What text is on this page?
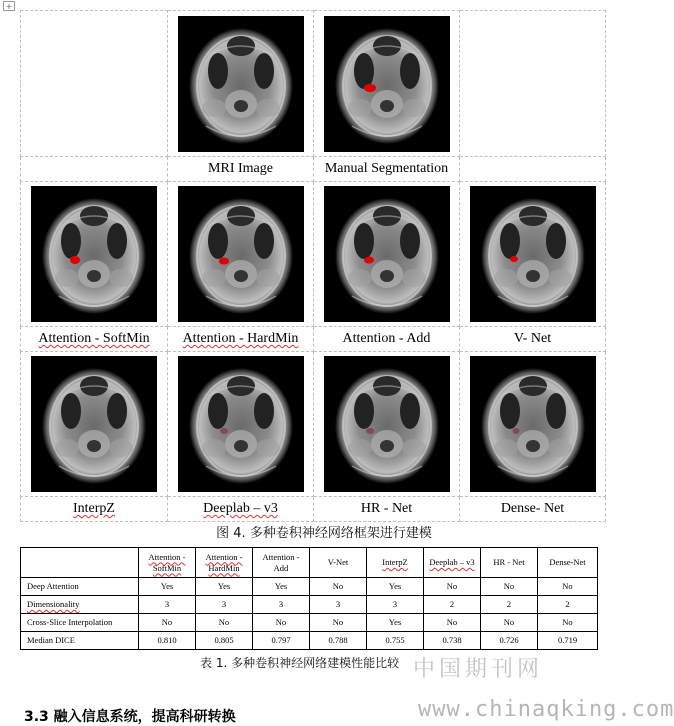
+

	MRI Image	Manual Segmentation	

Attention - SoftMin	Attention - HardMin	Attention - Add	V- Net

InterpZ	Deeplab – v3	HR - Net	Dense- Net
图 4. 多种卷积神经网络框架进行建模
	Attention - SoftMin	Attention - HardMin	Attention - Add	V-Net	InterpZ	Deeplab – v3	HR - Net	Dense-Net
Deep Attention	Yes	Yes	Yes	No	Yes	No	No	No
Dimensionality	3	3	3	3	3	2	2	2
Cross-Slice Interpolation	No	No	No	No	Yes	No	No	No
Median DICE	0.810	0.805	0.797	0.788	0.755	0.738	0.726	0.719
表 1. 多种卷积神经网络建模性能比较 中国期刊网
3.3 融入信息系统，提高科研转换	www.chinaqking.com
